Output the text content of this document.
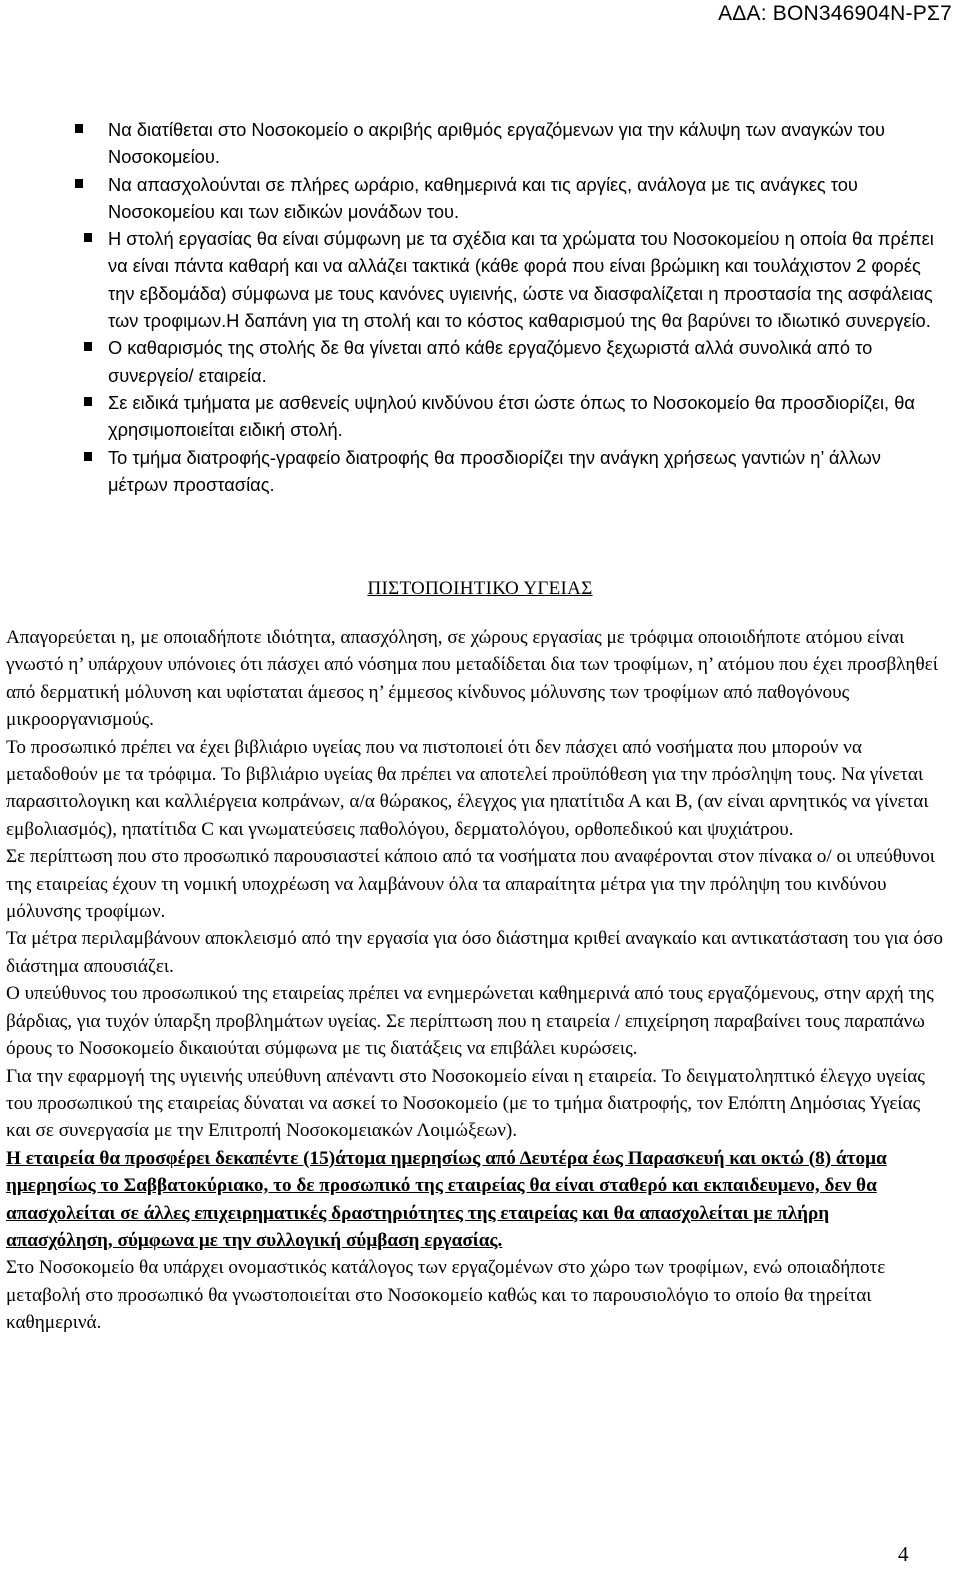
ΑΔΑ: ΒΟΝ346904Ν-ΡΣ7
Να διατίθεται στο Νοσοκομείο ο ακριβής αριθμός εργαζόμενων για την κάλυψη των αναγκών του Νοσοκομείου.
Να απασχολούνται σε πλήρες ωράριο, καθημερινά και τις αργίες, ανάλογα με τις ανάγκες του Νοσοκομείου και των ειδικών μονάδων του.
Η στολή εργασίας θα είναι σύμφωνη με τα σχέδια και τα χρώματα του Νοσοκομείου η οποία θα πρέπει να είναι πάντα καθαρή και να αλλάζει τακτικά (κάθε φορά που είναι βρώμικη και τουλάχιστον 2 φορές την εβδομάδα) σύμφωνα με τους κανόνες υγιεινής, ώστε να διασφαλίζεται η προστασία της ασφάλειας των τροφιμων.Η δαπάνη για τη στολή και το κόστος καθαρισμού της θα βαρύνει το ιδιωτικό συνεργείο.
Ο καθαρισμός της στολής δε θα γίνεται από κάθε εργαζόμενο ξεχωριστά αλλά συνολικά από το συνεργείο/ εταιρεία.
Σε ειδικά τμήματα με ασθενείς υψηλού κινδύνου έτσι ώστε όπως το Νοσοκομείο θα προσδιορίζει, θα χρησιμοποιείται ειδική στολή.
Το τμήμα διατροφής-γραφείο διατροφής θα προσδιορίζει την ανάγκη χρήσεως γαντιών η’ άλλων μέτρων προστασίας.
ΠΙΣΤΟΠΟΙΗΤΙΚΟ ΥΓΕΙΑΣ

Απαγορεύεται η, με οποιαδήποτε ιδιότητα, απασχόληση, σε χώρους εργασίας με τρόφιμα οποιοιδήποτε ατόμου είναι γνωστό η’ υπάρχουν υπόνοιες ότι πάσχει από νόσημα που μεταδίδεται δια των τροφίμων, η’ ατόμου που έχει προσβληθεί από δερματική μόλυνση και υφίσταται άμεσος η’ έμμεσος κίνδυνος μόλυνσης των τροφίμων από παθογόνους μικροοργανισμούς.

Το προσωπικό πρέπει να έχει βιβλιάριο υγείας που να πιστοποιεί ότι δεν πάσχει από νοσήματα που μπορούν να μεταδοθούν με τα τρόφιμα. Το βιβλιάριο υγείας θα πρέπει να αποτελεί προϋπόθεση για την πρόσληψη τους. Να γίνεται παρασιτολογικη και καλλιέργεια κοπράνων, α/α θώρακος, έλεγχος για ηπατίτιδα Α και Β, (αν είναι αρνητικός να γίνεται εμβολιασμός), ηπατίτιδα C και γνωματεύσεις παθολόγου, δερματολόγου, ορθοπεδικού και ψυχιάτρου.

Σε περίπτωση που στο προσωπικό παρουσιαστεί κάποιο από τα νοσήματα που αναφέρονται στον πίνακα ο/ οι υπεύθυνοι της εταιρείας έχουν τη νομική υποχρέωση να λαμβάνουν όλα τα απαραίτητα μέτρα για την πρόληψη του κινδύνου μόλυνσης τροφίμων.

Τα μέτρα περιλαμβάνουν αποκλεισμό από την εργασία για όσο διάστημα κριθεί αναγκαίο και αντικατάσταση του για όσο διάστημα απουσιάζει.

Ο υπεύθυνος του προσωπικού της εταιρείας πρέπει να ενημερώνεται καθημερινά από τους εργαζόμενους, στην αρχή της βάρδιας, για τυχόν ύπαρξη προβλημάτων υγείας. Σε περίπτωση που η εταιρεία / επιχείρηση παραβαίνει τους παραπάνω όρους το Νοσοκομείο δικαιούται σύμφωνα με τις διατάξεις να επιβάλει κυρώσεις.

Για την εφαρμογή της υγιεινής υπεύθυνη απέναντι στο Νοσοκομείο είναι η εταιρεία. Το δειγματοληπτικό έλεγχο υγείας του προσωπικού της εταιρείας δύναται να ασκεί το Νοσοκομείο (με το τμήμα διατροφής, τον Επόπτη Δημόσιας Υγείας και σε συνεργασία με την Επιτροπή Νοσοκομειακών Λοιμώξεων).

Η εταιρεία θα προσφέρει δεκαπέντε (15)άτομα ημερησίως από Δευτέρα έως Παρασκευή και οκτώ (8) άτομα ημερησίως το Σαββατοκύριακο, το δε προσωπικό της εταιρείας θα είναι σταθερό και εκπαιδευμενο, δεν θα απασχολείται σε άλλες επιχειρηματικές δραστηριότητες της εταιρείας και θα απασχολείται με πλήρη απασχόληση, σύμφωνα με την συλλογική σύμβαση εργασίας.

Στο Νοσοκομείο θα υπάρχει ονομαστικός κατάλογος των εργαζομένων στο χώρο των τροφίμων, ενώ οποιαδήποτε μεταβολή στο προσωπικό θα γνωστοποιείται στο Νοσοκομείο καθώς και το παρουσιολόγιο το οποίο θα τηρείται καθημερινά.

4
